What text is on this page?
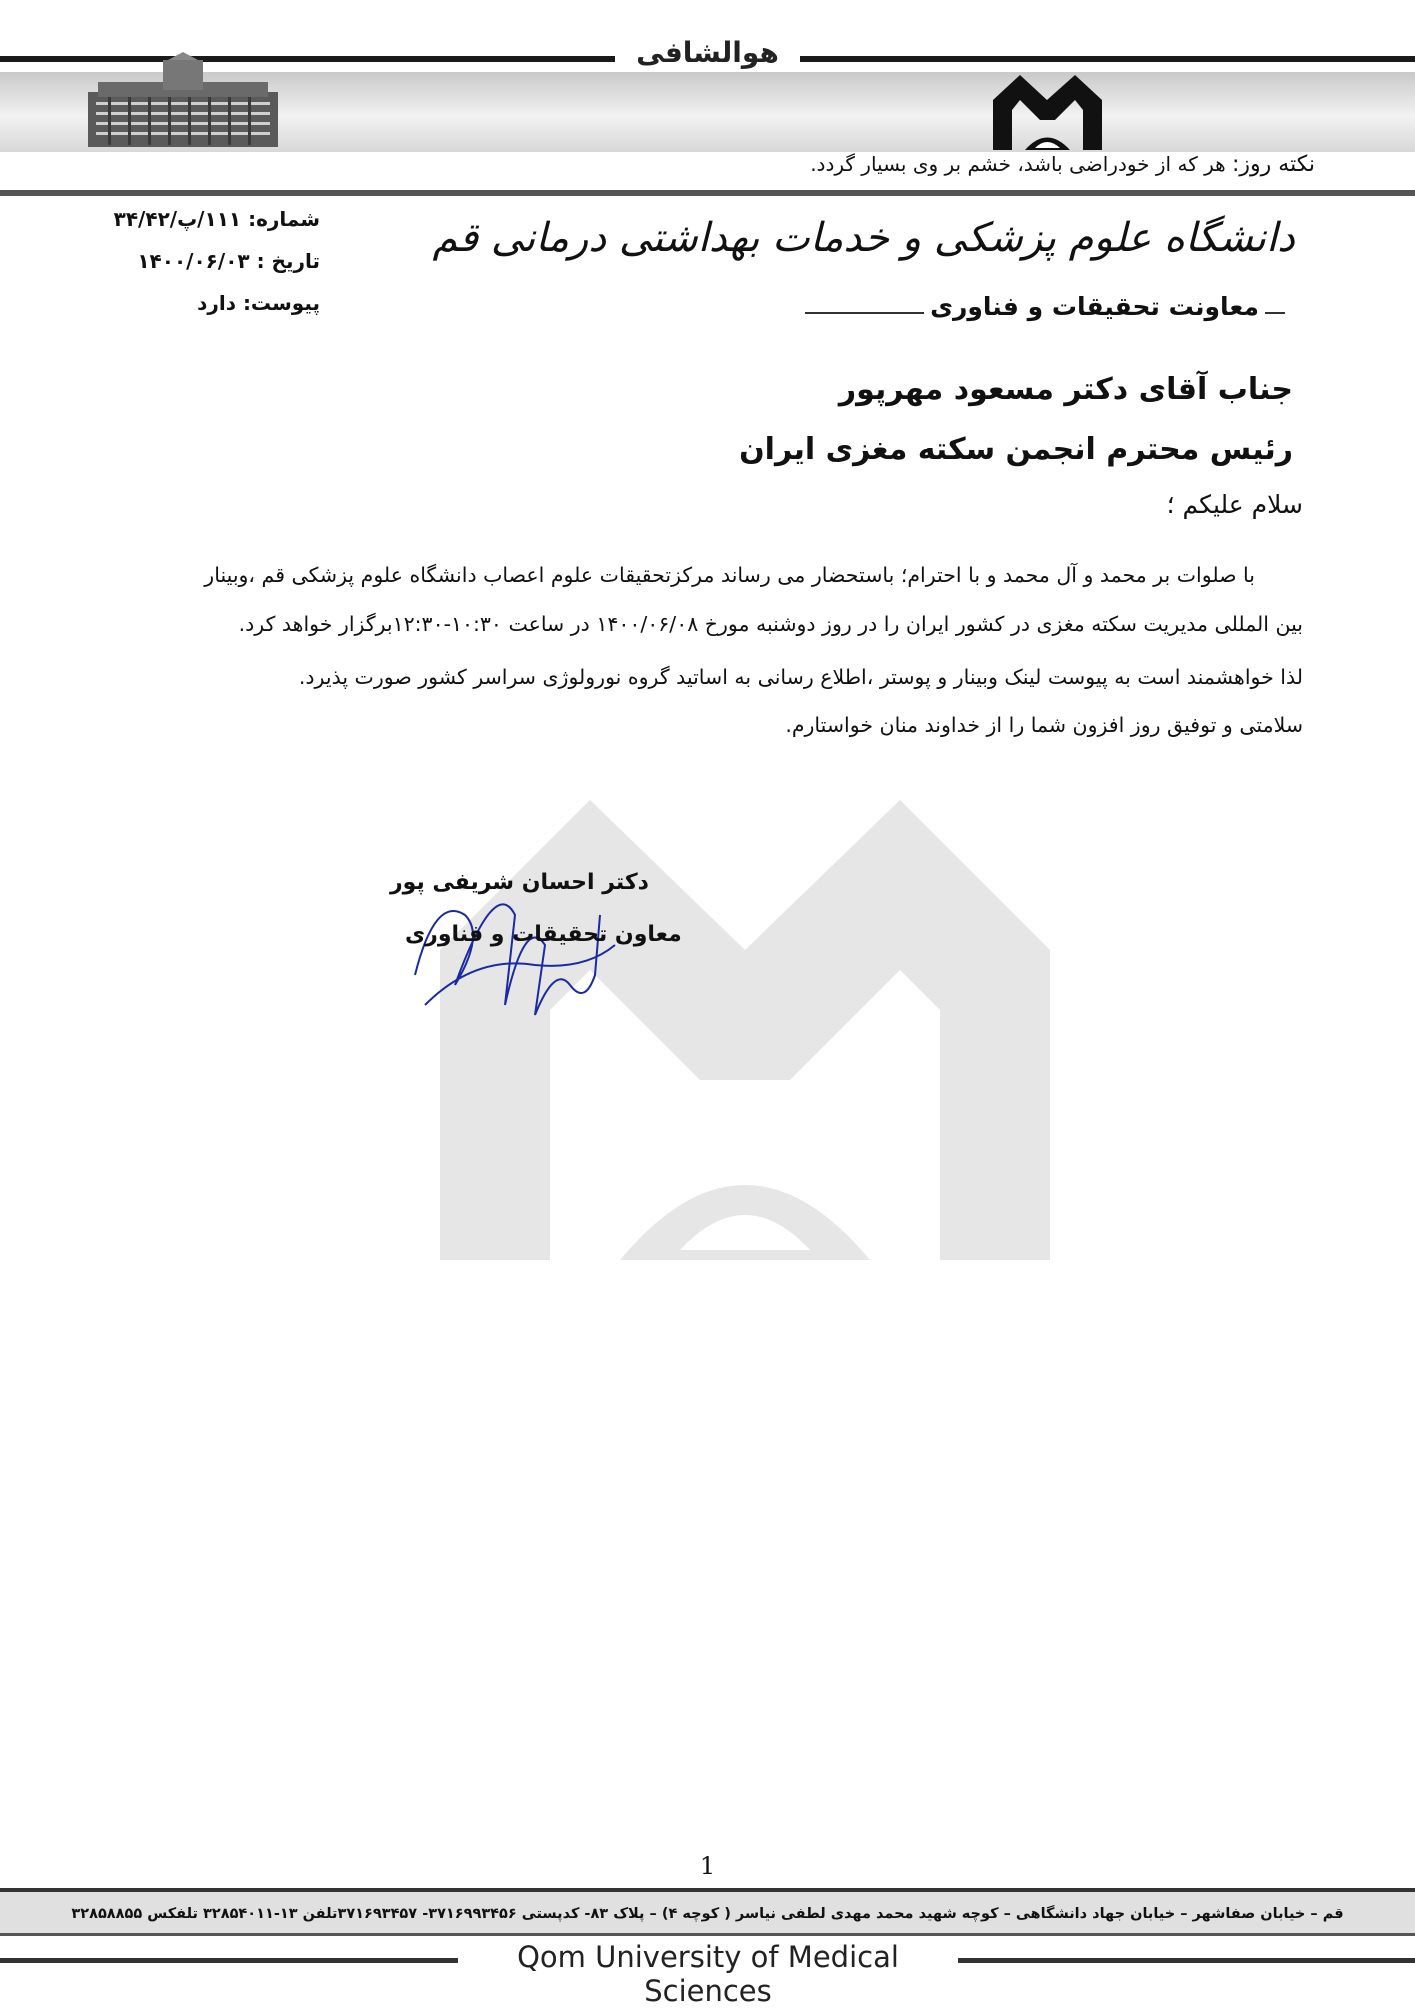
هوالشافی
نکته روز: هر که از خودراضی باشد، خشم بر وی بسیار گردد.
شماره: ۱۱۱/پ/۳۴/۴۲
تاریخ : ۱۴۰۰/۰۶/۰۳
پیوست: دارد
دانشگاه علوم پزشکی و خدمات بهداشتی درمانی قم
معاونت تحقیقات و فناوری
جناب آقای دکتر مسعود مهرپور
رئیس محترم انجمن سکته مغزی ایران
سلام علیکم ؛
با صلوات بر محمد و آل محمد و با احترام؛ باستحضار می رساند مرکزتحقیقات علوم اعصاب دانشگاه علوم پزشکی قم ،وبینار
بین المللی مدیریت سکته مغزی در کشور ایران را در روز دوشنبه مورخ ۱۴۰۰/۰۶/۰۸ در ساعت ۱۰:۳۰-۱۲:۳۰برگزار خواهد کرد.
لذا خواهشمند است به پیوست لینک وبینار و پوستر ،اطلاع رسانی به اساتید گروه نورولوژی سراسر کشور صورت پذیرد.
سلامتی و توفیق روز افزون شما را از خداوند منان خواستارم.
دکتر احسان شریفی پور
معاون تحقیقات و فناوری
1
قم – خیابان صفاشهر – خیابان جهاد دانشگاهی – کوچه شهید محمد مهدی لطفی نیاسر ( کوچه ۴) – پلاک ۸۳- کدپستی ۳۷۱۶۹۹۳۴۵۶- ۳۷۱۶۹۳۴۵۷تلفن ۱۳-۳۲۸۵۴۰۱۱ تلفکس ۳۲۸۵۸۸۵۵
Qom University of Medical Sciences
